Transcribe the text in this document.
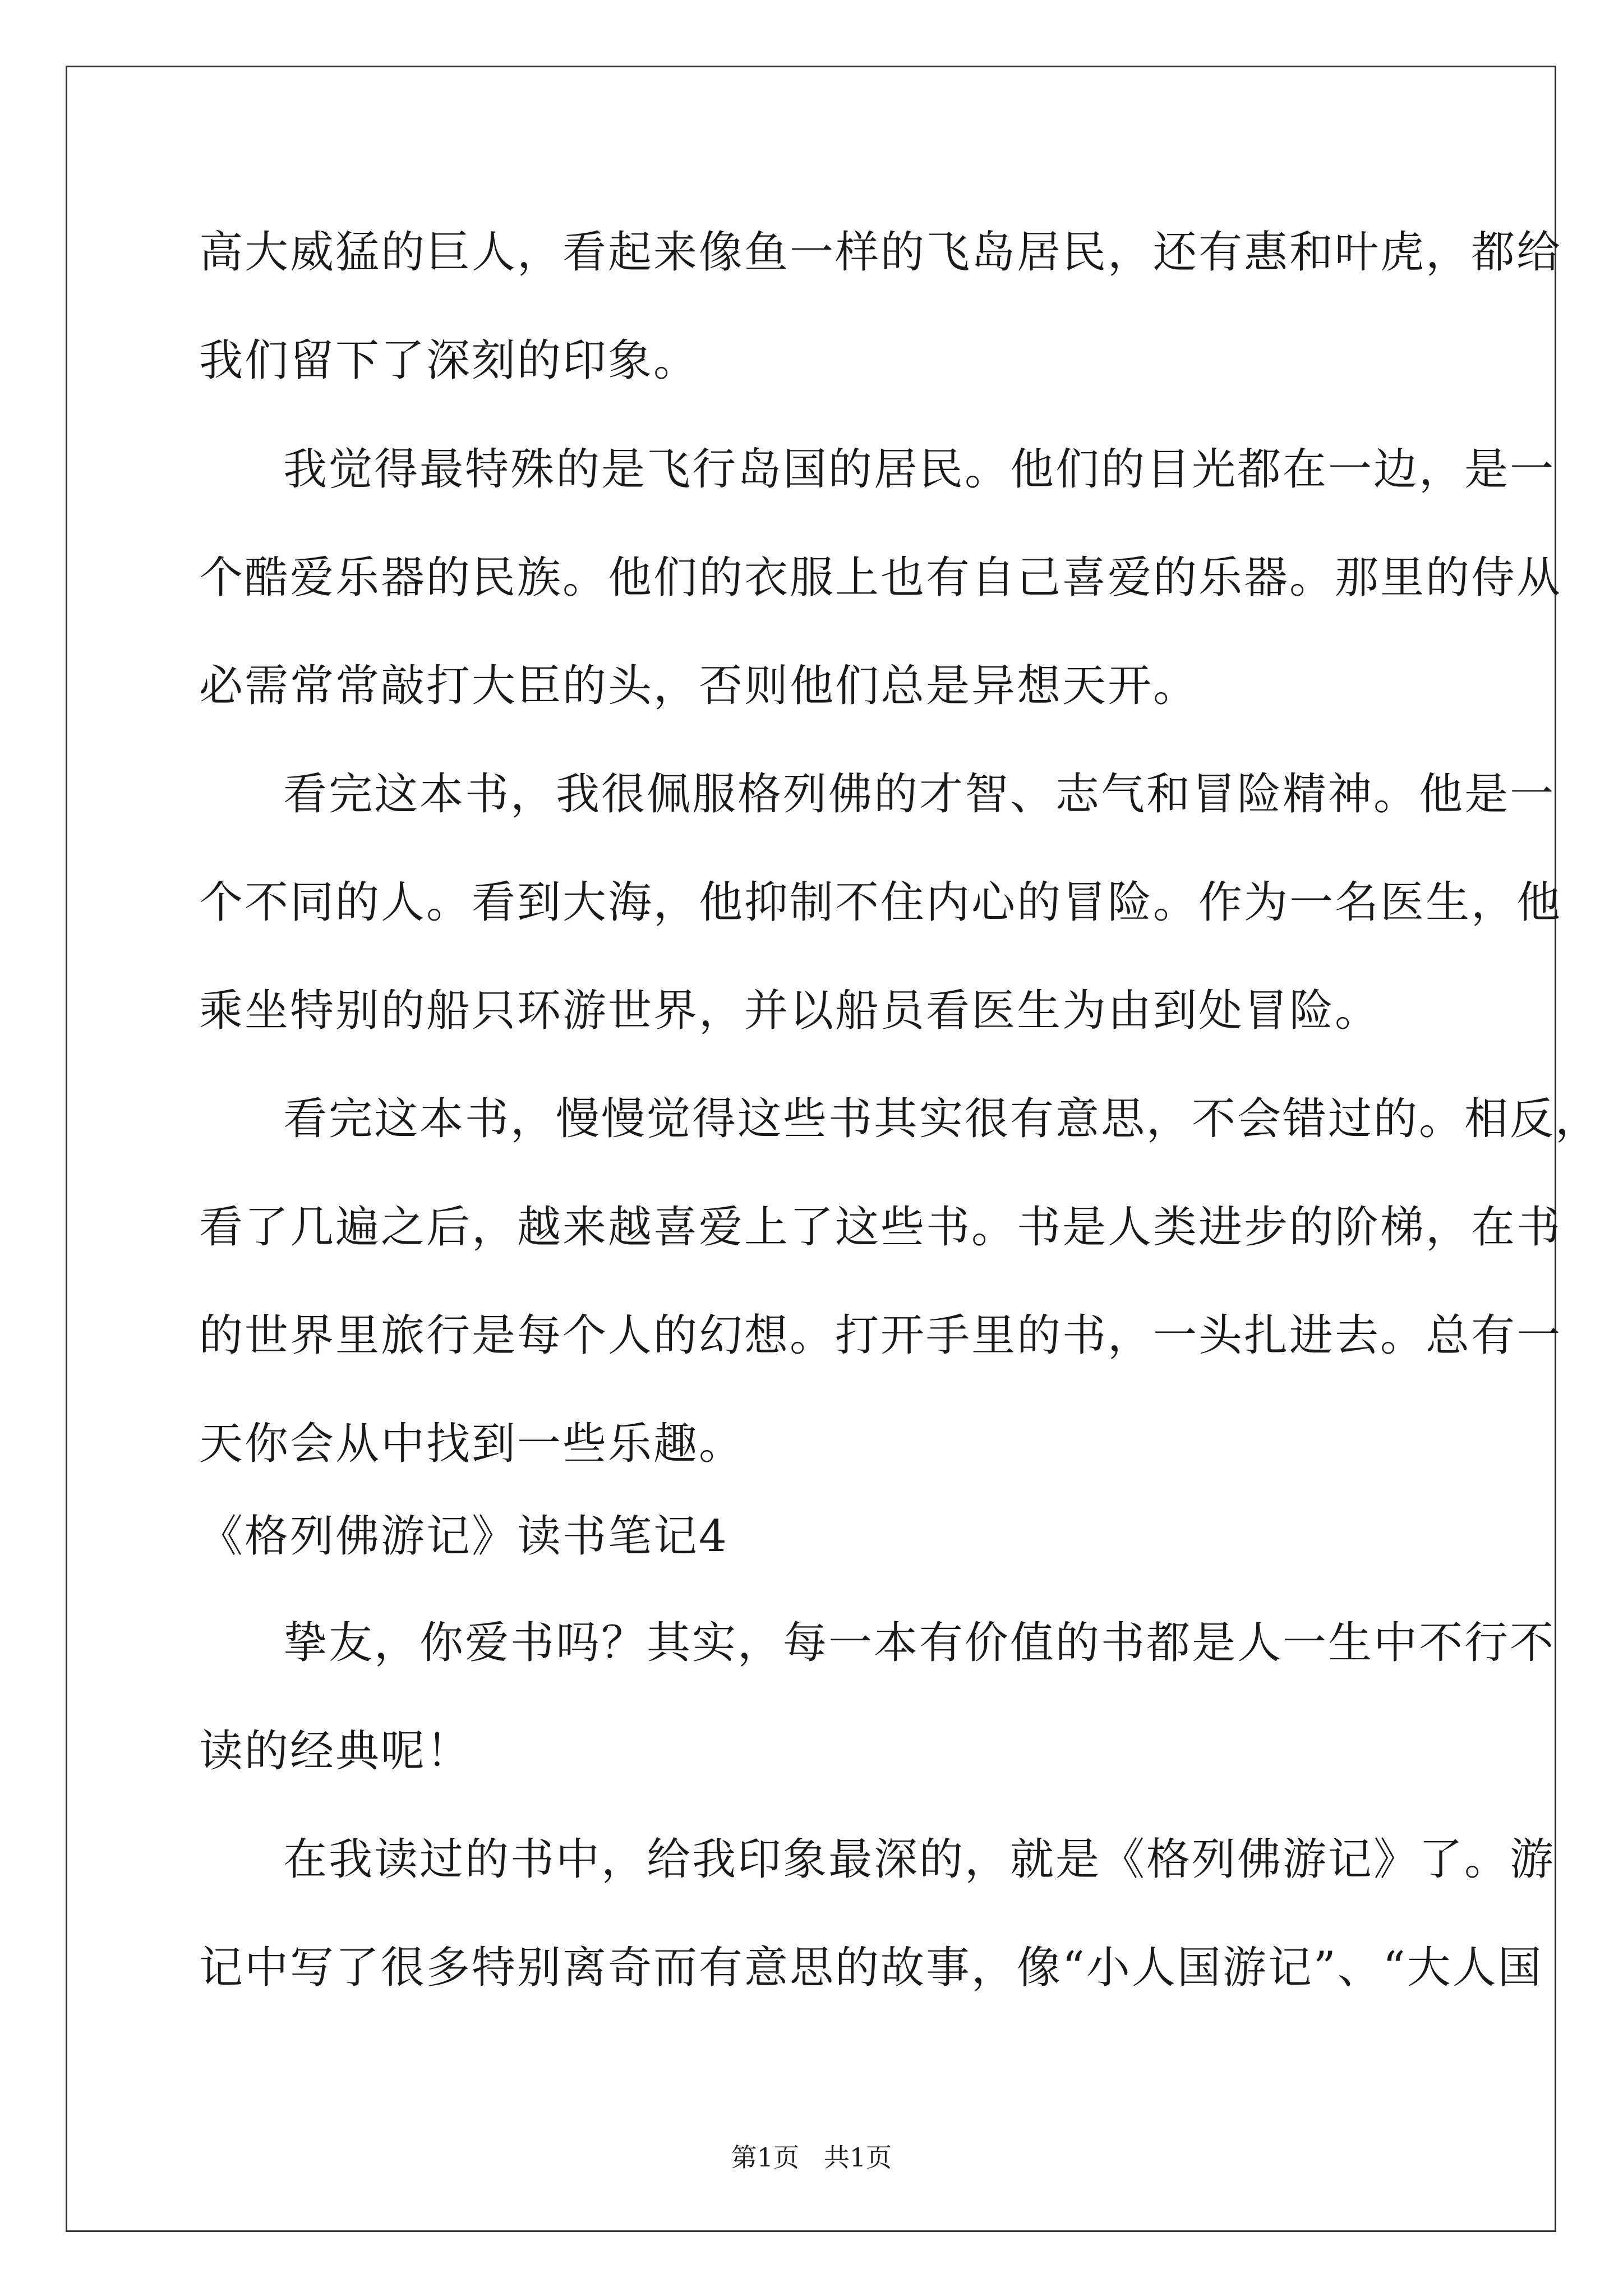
高大威猛的巨人，看起来像鱼一样的飞岛居民，还有惠和叶虎，都给
我们留下了深刻的印象。
我觉得最特殊的是飞行岛国的居民。他们的目光都在一边，是一
个酷爱乐器的民族。他们的衣服上也有自己喜爱的乐器。那里的侍从
必需常常敲打大臣的头，否则他们总是异想天开。
看完这本书，我很佩服格列佛的才智、志气和冒险精神。他是一
个不同的人。看到大海，他抑制不住内心的冒险。作为一名医生，他
乘坐特别的船只环游世界，并以船员看医生为由到处冒险。
看完这本书，慢慢觉得这些书其实很有意思，不会错过的。相反，
看了几遍之后，越来越喜爱上了这些书。书是人类进步的阶梯，在书
的世界里旅行是每个人的幻想。打开手里的书，一头扎进去。总有一
天你会从中找到一些乐趣。
《格列佛游记》读书笔记4
挚友，你爱书吗？其实，每一本有价值的书都是人一生中不行不
读的经典呢！
在我读过的书中，给我印象最深的，就是《格列佛游记》了。游
记中写了很多特别离奇而有意思的故事，像“小人国游记”、“大人国
第1页   共1页
